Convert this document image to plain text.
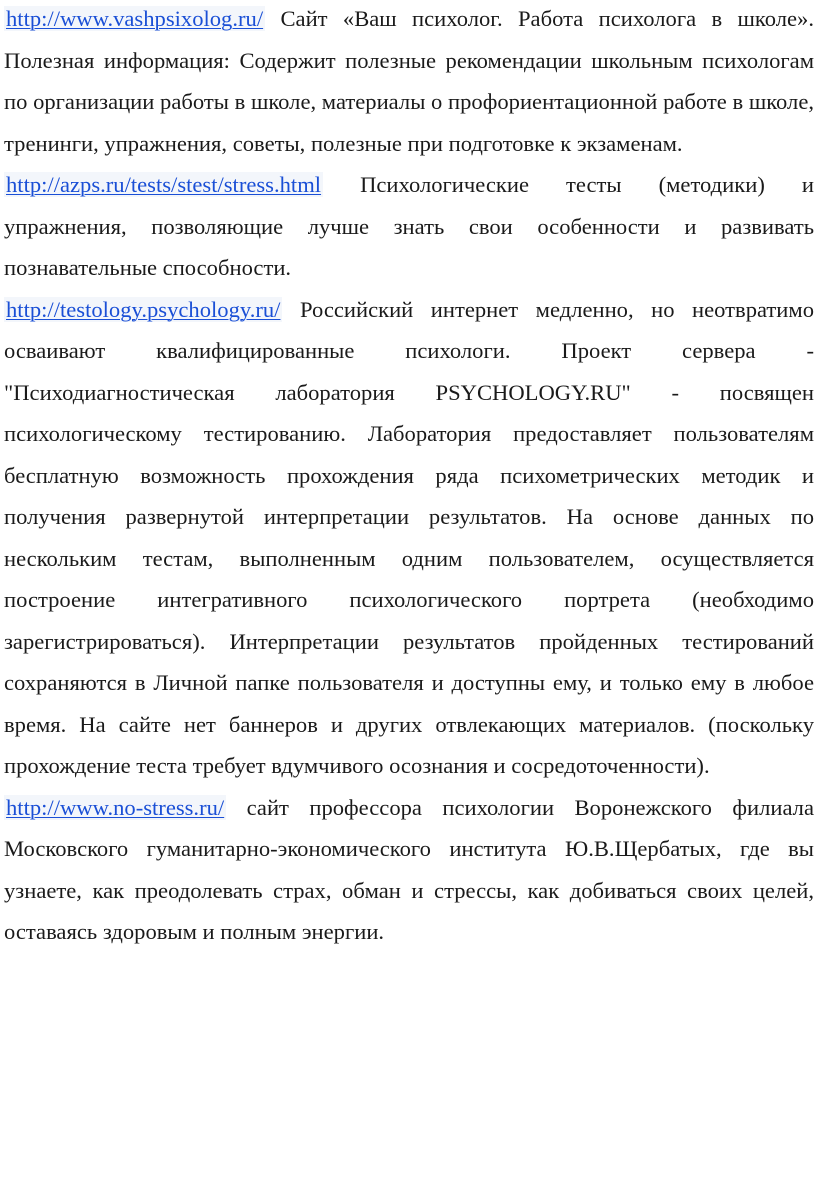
http://www.vashpsixolog.ru/ Сайт «Ваш психолог. Работа психолога в школе». Полезная информация: Содержит полезные рекомендации школьным психологам по организации работы в школе, материалы о профориентационной работе в школе, тренинги, упражнения, советы, полезные при подготовке к экзаменам.

http://azps.ru/tests/stest/stress.html Психологические тесты (методики) и упражнения, позволяющие лучше знать свои особенности и развивать познавательные способности.

http://testology.psychology.ru/ Российский интернет медленно, но неотвратимо осваивают квалифицированные психологи. Проект сервера - "Психодиагностическая лаборатория PSYCHOLOGY.RU" - посвящен психологическому тестированию. Лаборатория предоставляет пользователям бесплатную возможность прохождения ряда психометрических методик и получения развернутой интерпретации результатов. На основе данных по нескольким тестам, выполненным одним пользователем, осуществляется построение интегративного психологического портрета (необходимо зарегистрироваться). Интерпретации результатов пройденных тестирований сохраняются в Личной папке пользователя и доступны ему, и только ему в любое время. На сайте нет баннеров и других отвлекающих материалов. (поскольку прохождение теста требует вдумчивого осознания и сосредоточенности).

http://www.no-stress.ru/ сайт профессора психологии Воронежского филиала Московского гуманитарно-экономического института Ю.В.Щербатых, где вы узнаете, как преодолевать страх, обман и стрессы, как добиваться своих целей, оставаясь здоровым и полным энергии.
